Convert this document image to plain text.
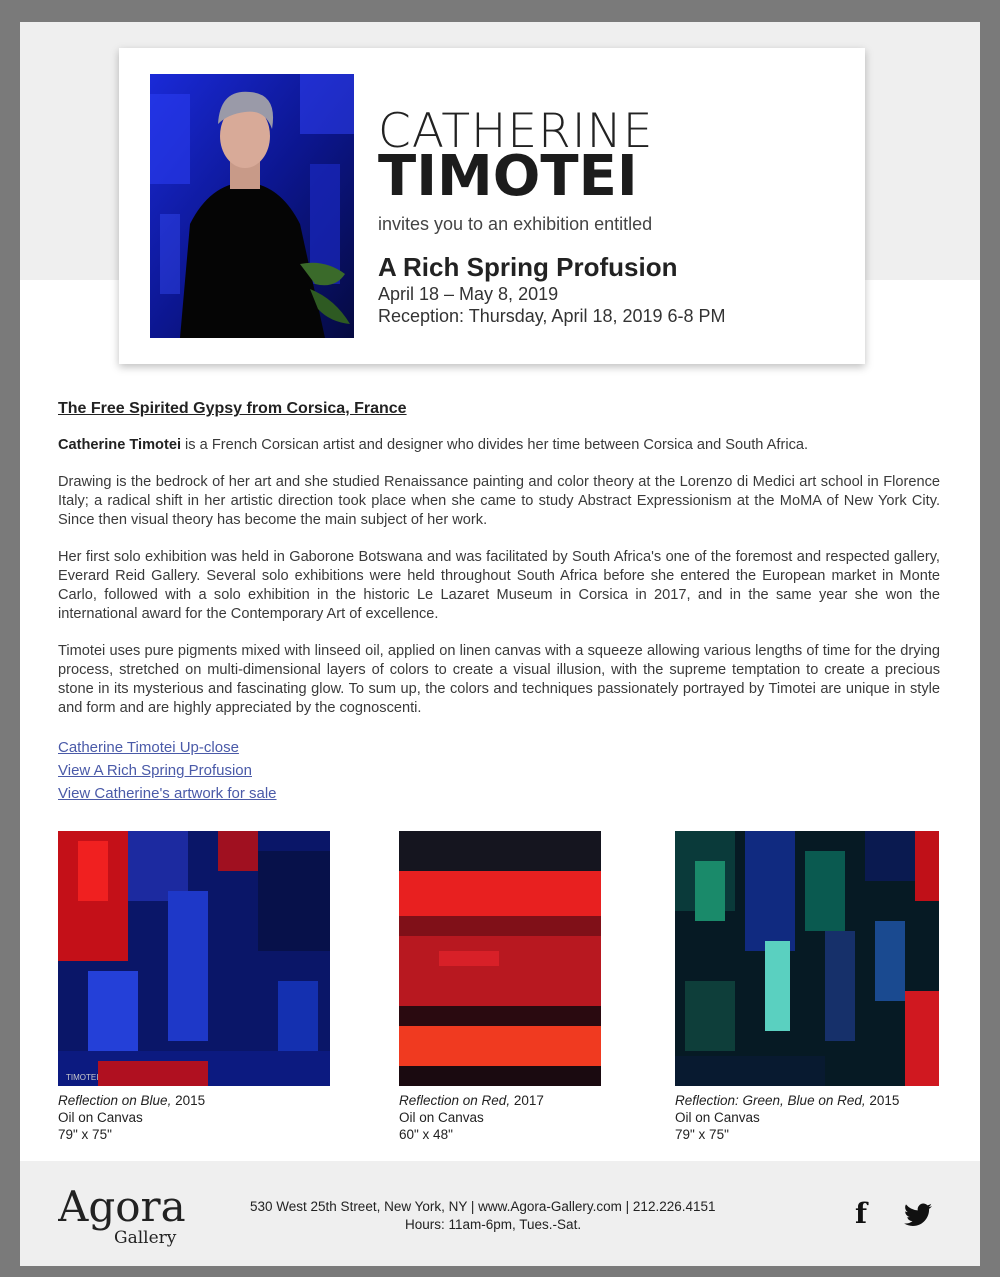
CATHERINE
TIMOTEI
invites you to an exhibition entitled
A Rich Spring Profusion
April 18 – May 8, 2019
Reception: Thursday, April 18, 2019 6-8 PM
The Free Spirited Gypsy from Corsica, France
Catherine Timotei is a French Corsican artist and designer who divides her time between Corsica and South Africa.
Drawing is the bedrock of her art and she studied Renaissance painting and color theory at the Lorenzo di Medici art school in Florence Italy; a radical shift in her artistic direction took place when she came to study Abstract Expressionism at the MoMA of New York City. Since then visual theory has become the main subject of her work.
Her first solo exhibition was held in Gaborone Botswana and was facilitated by South Africa's one of the foremost and respected gallery, Everard Reid Gallery. Several solo exhibitions were held throughout South Africa before she entered the European market in Monte Carlo, followed with a solo exhibition in the historic Le Lazaret Museum in Corsica in 2017, and in the same year she won the international award for the Contemporary Art of excellence.
Timotei uses pure pigments mixed with linseed oil, applied on linen canvas with a squeeze allowing various lengths of time for the drying process, stretched on multi-dimensional layers of colors to create a visual illusion, with the supreme temptation to create a precious stone in its mysterious and fascinating glow. To sum up, the colors and techniques passionately portrayed by Timotei are unique in style and form and are highly appreciated by the cognoscenti.
Catherine Timotei Up-close
View A Rich Spring Profusion
View Catherine's artwork for sale
TIMOTEI
Reflection on Blue, 2015
Oil on Canvas
79" x 75"
Reflection on Red, 2017
Oil on Canvas
60" x 48"
Reflection: Green, Blue on Red, 2015
Oil on Canvas
79" x 75"
Agora
Gallery
530 West 25th Street, New York, NY | www.Agora-Gallery.com | 212.226.4151
Hours: 11am-6pm, Tues.-Sat.	f
